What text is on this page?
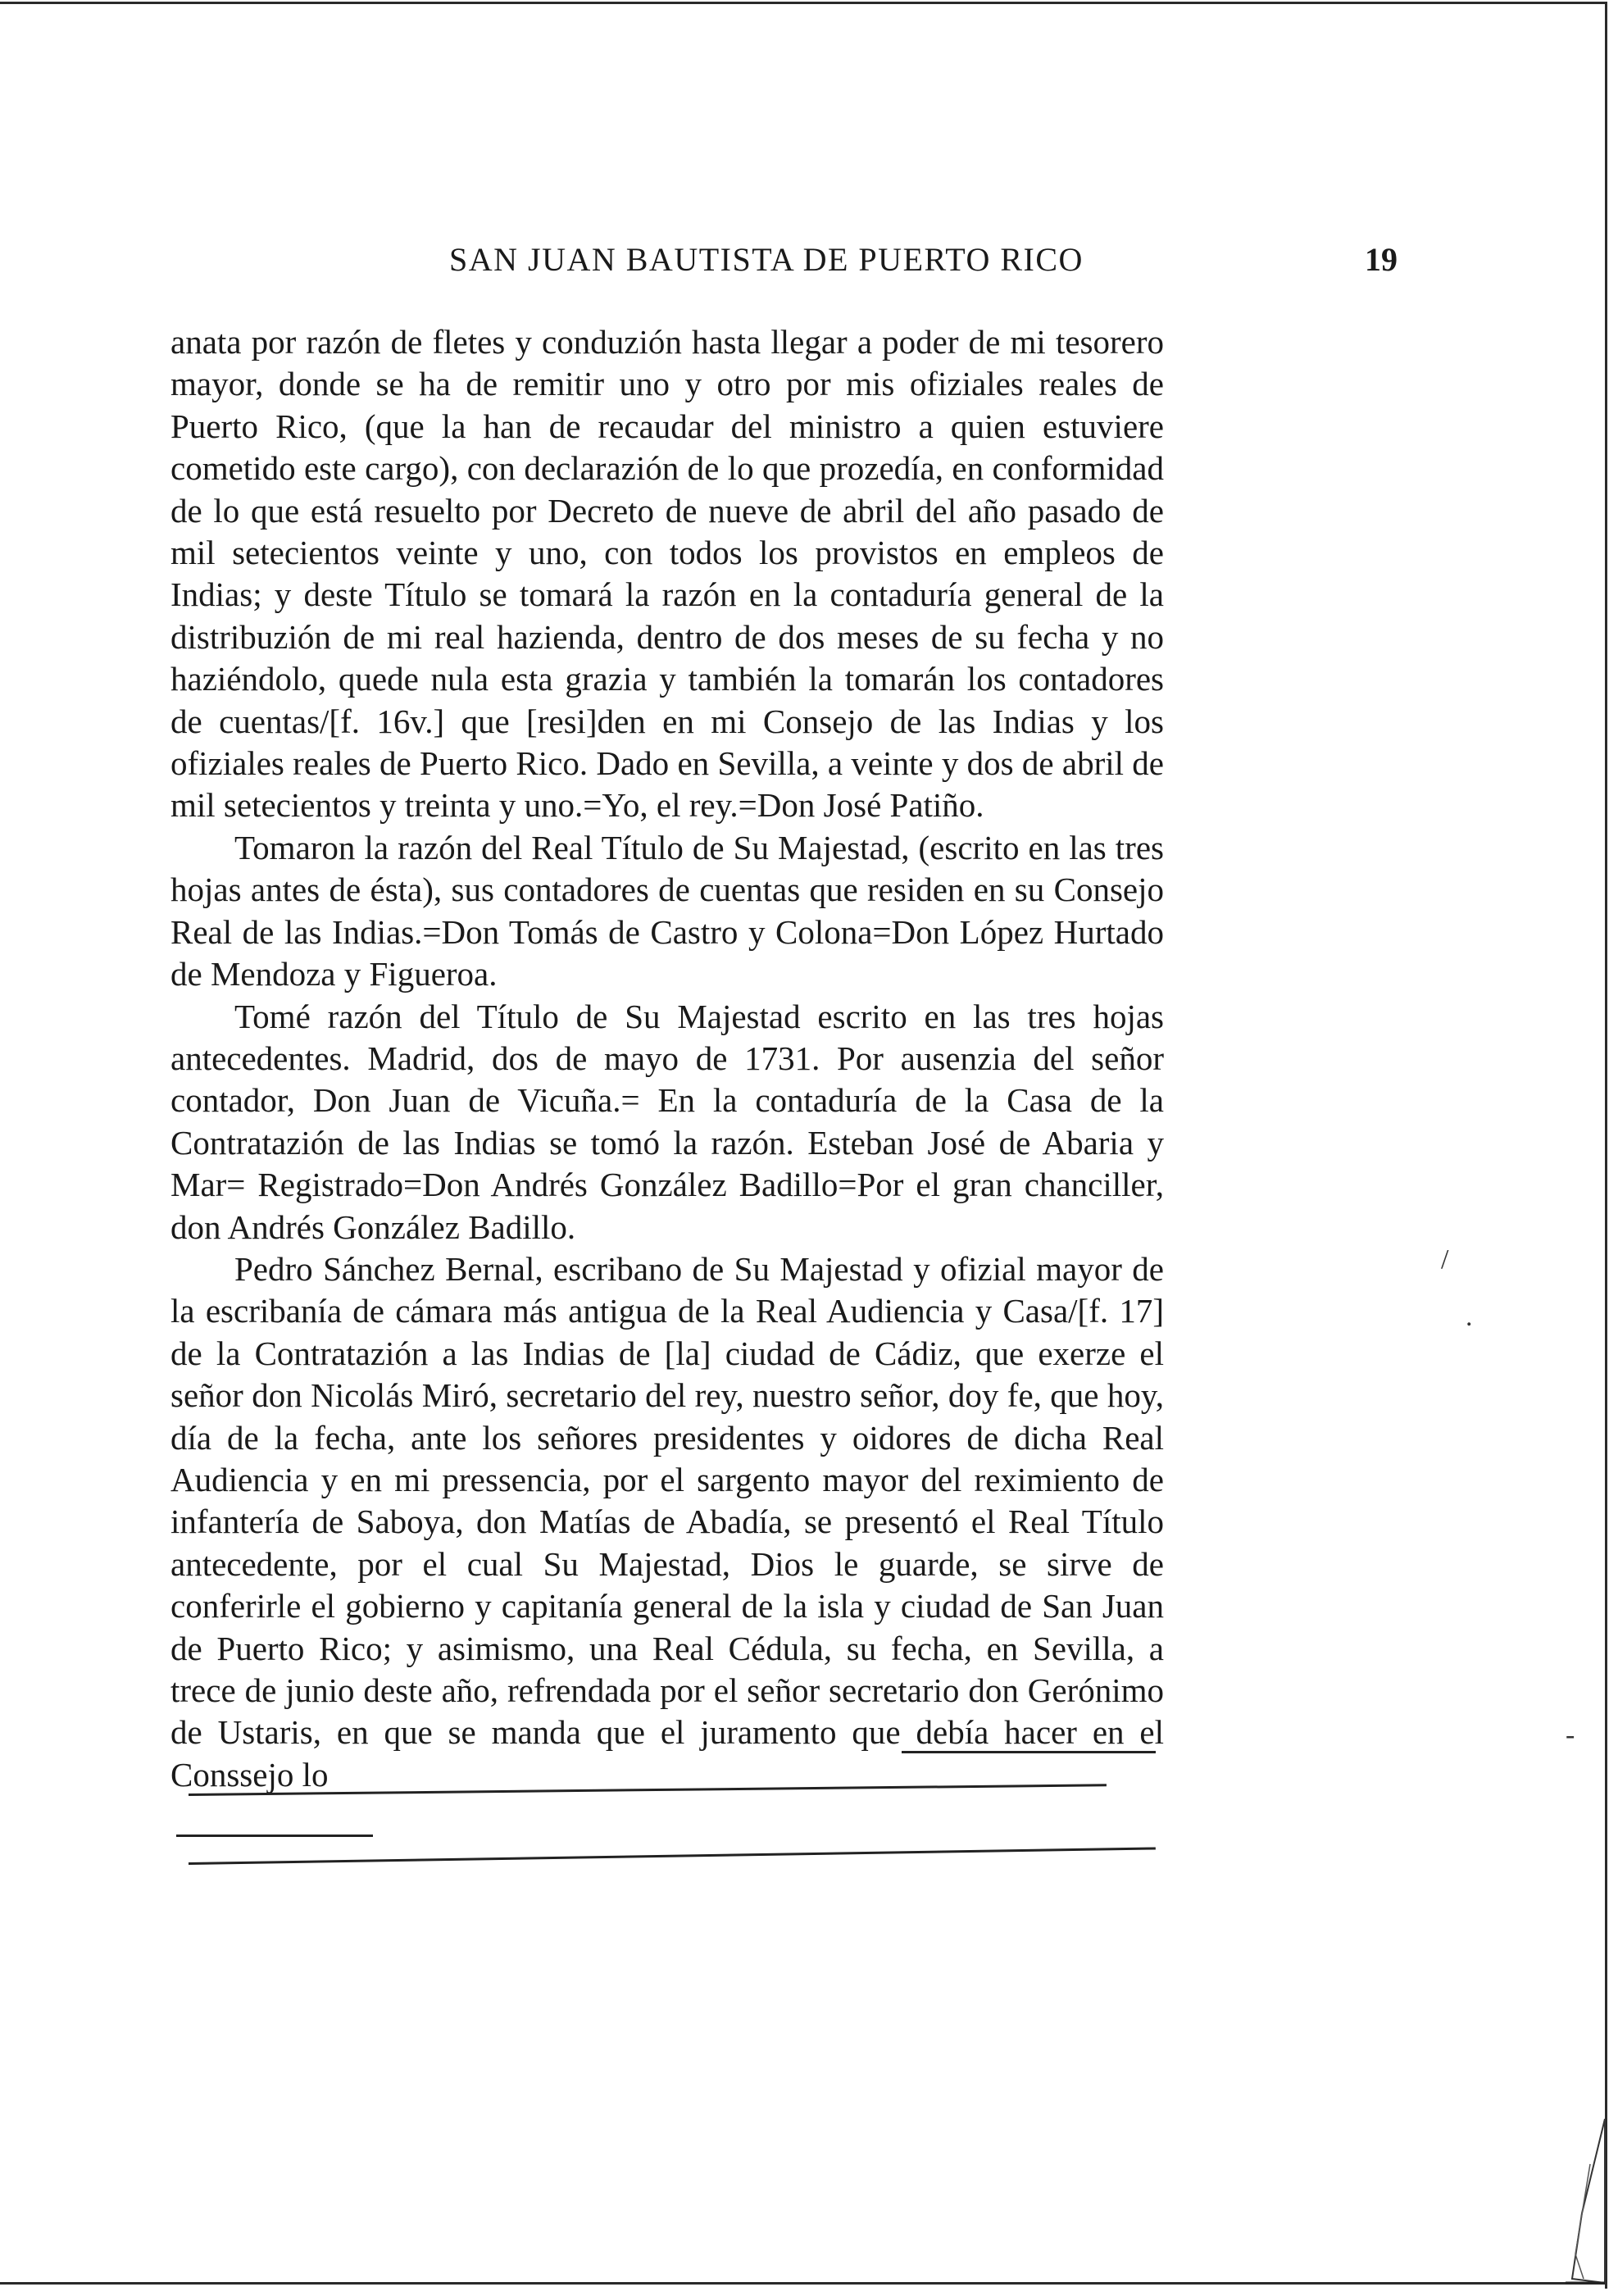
SAN JUAN BAUTISTA DE PUERTO RICO	19

anata por razón de fletes y conduzión hasta llegar a poder de mi tesorero mayor, donde se ha de remitir uno y otro por mis ofiziales reales de Puerto Rico, (que la han de recaudar del ministro a quien estuviere cometido este cargo), con declarazión de lo que prozedía, en conformidad de lo que está resuelto por Decreto de nueve de abril del año pasado de mil setecientos veinte y uno, con todos los provistos en empleos de Indias; y deste Título se tomará la razón en la contaduría general de la distribuzión de mi real hazienda, dentro de dos meses de su fecha y no haziéndolo, quede nula esta grazia y también la tomarán los contadores de cuentas/[f. 16v.] que [resi]den en mi Consejo de las Indias y los ofiziales reales de Puerto Rico. Dado en Sevilla, a veinte y dos de abril de mil setecientos y treinta y uno.=Yo, el rey.=Don José Patiño.

Tomaron la razón del Real Título de Su Majestad, (escrito en las tres hojas antes de ésta), sus contadores de cuentas que residen en su Consejo Real de las Indias.=Don Tomás de Castro y Colona=Don López Hurtado de Mendoza y Figueroa.

Tomé razón del Título de Su Majestad escrito en las tres hojas antecedentes. Madrid, dos de mayo de 1731. Por ausenzia del señor contador, Don Juan de Vicuña.= En la contaduría de la Casa de la Contratazión de las Indias se tomó la razón. Esteban José de Abaria y Mar= Registrado=Don Andrés González Badillo=Por el gran chanciller, don Andrés González Badillo.

Pedro Sánchez Bernal, escribano de Su Majestad y ofizial mayor de la escribanía de cámara más antigua de la Real Audiencia y Casa/[f. 17] de la Contratazión a las Indias de [la] ciudad de Cádiz, que exerze el señor don Nicolás Miró, secretario del rey, nuestro señor, doy fe, que hoy, día de la fecha, ante los señores presidentes y oidores de dicha Real Audiencia y en mi pressencia, por el sargento mayor del reximiento de infantería de Saboya, don Matías de Abadía, se presentó el Real Título antecedente, por el cual Su Majestad, Dios le guarde, se sirve de conferirle el gobierno y capitanía general de la isla y ciudad de San Juan de Puerto Rico; y asimismo, una Real Cédula, su fecha, en Sevilla, a trece de junio deste año, refrendada por el señor secretario don Gerónimo de Ustaris, en que se manda que el juramento que debía hacer en el Conssejo lo

/
.
-
